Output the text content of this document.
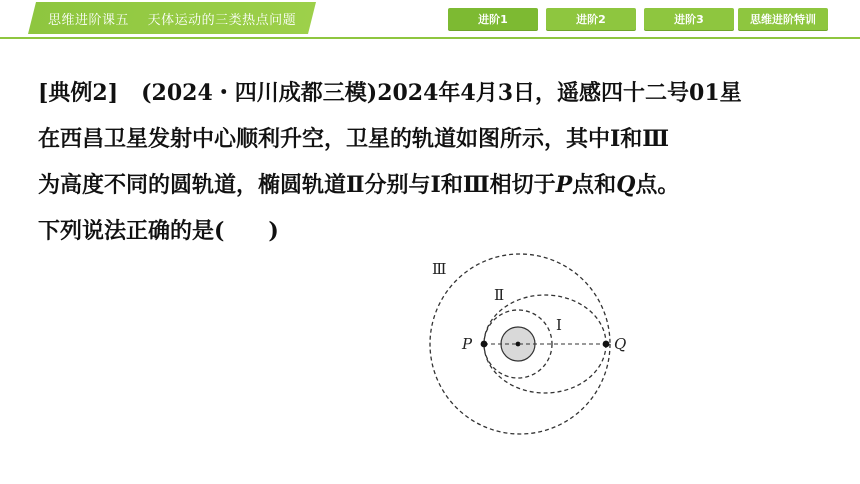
思维进阶课五 天体运动的三类热点问题	进阶1	进阶2	进阶3	思维进阶特训
[典例2] (2024・四川成都三模)2024年4月3日，遥感四十二号01星
在西昌卫星发射中心顺利升空，卫星的轨道如图所示，其中Ⅰ和Ⅲ
为高度不同的圆轨道，椭圆轨道Ⅱ分别与Ⅰ和Ⅲ相切于P点和Q点。
下列说法正确的是(　　)
Ⅲ
Ⅱ
Ⅰ
P	Q
